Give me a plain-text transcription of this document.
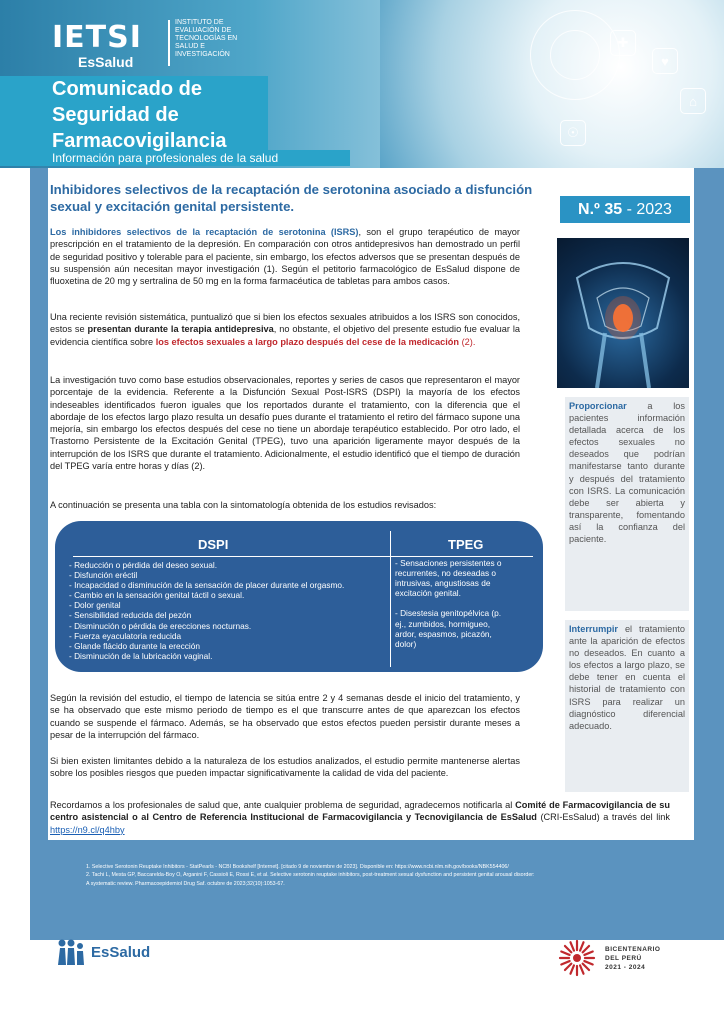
✚
♥
⌂
☉
IETSI
EsSalud
INSTITUTO DE EVALUACIÓN DE TECNOLOGÍAS EN SALUD E INVESTIGACIÓN
Comunicado de Seguridad de Farmacovigilancia
Información para profesionales de la salud
Inhibidores selectivos de la recaptación de serotonina asociado a disfunción sexual y excitación genital persistente.	N.º 35 - 2023
Los inhibidores selectivos de la recaptación de serotonina (ISRS), son el grupo terapéutico de mayor prescripción en el tratamiento de la depresión. En comparación con otros antidepresivos han demostrado un perfil de seguridad positivo y tolerable para el paciente, sin embargo, los efectos adversos que se presentan después de su suspensión aún necesitan mayor investigación (1). Según el petitorio farmacológico de EsSalud dispone de fluoxetina de 20 mg y sertralina de 50 mg en la forma farmacéutica de tabletas para ambos casos.
Una reciente revisión sistemática, puntualizó que si bien los efectos sexuales atribuidos a los ISRS son conocidos, estos se presentan durante la terapia antidepresiva, no obstante, el objetivo del presente estudio fue evaluar la evidencia científica sobre los efectos sexuales a largo plazo después del cese de la medicación (2).
La investigación tuvo como base estudios observacionales, reportes y series de casos que representaron el mayor porcentaje de la evidencia. Referente a la Disfunción Sexual Post-ISRS (DSPI) la mayoría de los efectos indeseables identificados fueron iguales que los reportados durante el tratamiento, con la diferencia que el abordaje de los efectos largo plazo resulta un desafío pues durante el tratamiento el retiro del fármaco supone una mejoría, sin embargo los efectos después del cese no tiene un abordaje terapéutico establecido. Por otro lado, el Trastorno Persistente de la Excitación Genital (TPEG), tuvo una aparición ligeramente mayor después de la interrupción de los ISRS que durante el tratamiento. Adicionalmente, el estudio identificó que el tiempo de duración del TPEG varía entre horas y días (2).
A continuación se presenta una tabla con la sintomatología obtenida de los estudios revisados:
DSPI	TPEG
- Reducción o pérdida del deseo sexual.
- Disfunción eréctil
- Incapacidad o disminución de la sensación de placer durante el orgasmo.
- Cambio en la sensación genital táctil o sexual.
- Dolor genital
- Sensibilidad reducida del pezón
- Disminución o pérdida de erecciones nocturnas.
- Fuerza eyaculatoria reducida
- Glande flácido durante la erección
- Disminución de la lubricación vaginal.
- Sensaciones persistentes o
recurrentes, no deseadas o
intrusivas, angustiosas de
excitación genital.

- Disestesia genitopélvica (p.
ej., zumbidos, hormigueo,
ardor, espasmos, picazón,
dolor)
Según la revisión del estudio, el tiempo de latencia se sitúa entre 2 y 4 semanas desde el inicio del tratamiento, y se ha observado que este mismo periodo de tiempo es el que transcurre antes de que aparezcan los efectos cuando se suspende el fármaco. Además, se ha observado que estos efectos pueden persistir durante meses a pesar de la interrupción del fármaco.
Si bien existen limitantes debido a la naturaleza de los estudios analizados, el estudio permite mantenerse alertas sobre los posibles riesgos que pueden impactar significativamente la calidad de vida del paciente.
Recordamos a los profesionales de salud que, ante cualquier problema de seguridad, agradecemos notificarla al Comité de Farmacovigilancia de su centro asistencial o al Centro de Referencia Institucional de Farmacovigilancia y Tecnovigilancia de EsSalud (CRI-EsSalud) a través del link https://n9.cl/q4hby
Proporcionar a los pacientes información detallada acerca de los efectos sexuales no deseados que podrían manifestarse tanto durante y después del tratamiento con ISRS. La comunicación debe ser abierta y transparente, fomentando así la confianza del paciente.
Interrumpir el tratamiento ante la aparición de efectos no deseados. En cuanto a los efectos a largo plazo, se debe tener en cuenta el historial de tratamiento con ISRS para realizar un diagnóstico diferencial adecuado.
1. Selective Serotonin Reuptake Inhibitors - StatPearls - NCBI Bookshelf [Internet]. [citado 9 de noviembre de 2023]. Disponible en: https://www.ncbi.nlm.nih.gov/books/NBK554406/
2. Tachi L, Mesta GP, Baccarelda-Boy O, Arganini F, Cassioli E, Rossi E, et al. Selective serotonin reuptake inhibitors, post-treatment sexual dysfunction and persistent genital arousal disorder:
A systematic review. Pharmacoepidemiol Drug Saf. octubre de 2023;32(10):1053-67.
EsSalud	BICENTENARIO
DEL PERÚ
2021 - 2024
